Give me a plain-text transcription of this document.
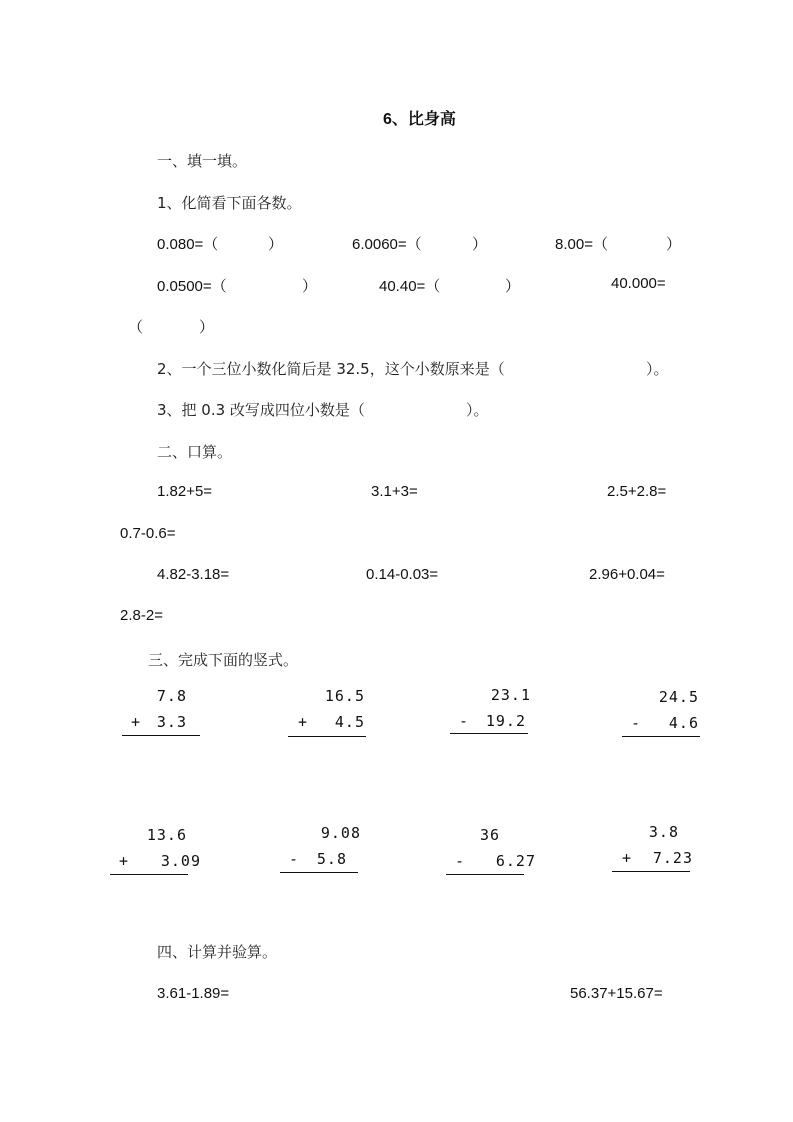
6、比身高
一、填一填。
1、化简看下面各数。
0.080=（	）	6.0060=（	）	8.00=（	）
0.0500=（	）	40.40=（	）	40.000=
（	）
2、一个三位小数化简后是 32.5，这个小数原来是（	）。
3、把 0.3 改写成四位小数是（	）。
二、口算。
1.82+5=	3.1+3=	2.5+2.8=
0.7-0.6=
4.82-3.18=	0.14-0.03=	2.96+0.04=
2.8-2=
三、完成下面的竖式。
7.8
+ 3.3
16.5
+ 4.5
23.1
- 19.2
24.5
- 4.6
13.6
+ 3.09
9.08
- 5.8
36
- 6.27
3.8
+ 7.23
四、计算并验算。
3.61-1.89=	56.37+15.67=
